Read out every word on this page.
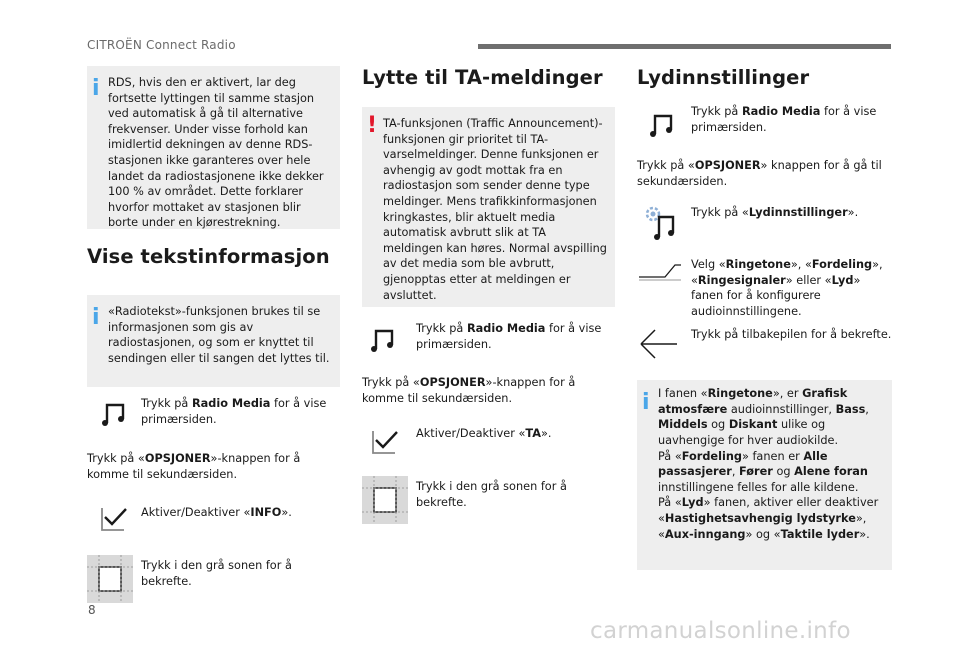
CITROËN Connect Radio
i RDS, hvis den er aktivert, lar deg fortsette lyttingen til samme stasjon ved automatisk å gå til alternative frekvenser. Under visse forhold kan imidlertid dekningen av denne RDS-stasjonen ikke garanteres over hele landet da radiostasjonene ikke dekker 100 % av området. Dette forklarer hvorfor mottaket av stasjonen blir borte under en kjørestrekning.
Vise tekstinformasjon
i «Radiotekst»-funksjonen brukes til se informasjonen som gis av radiostasjonen, og som er knyttet til sendingen eller til sangen det lyttes til.
Trykk på Radio Media for å vise primærsiden.
Trykk på «OPSJONER»-knappen for å komme til sekundærsiden.
Aktiver/Deaktiver «INFO».
Trykk i den grå sonen for å bekrefte.
Lytte til TA-meldinger
! TA-funksjonen (Traffic Announcement)-funksjonen gir prioritet til TA-varselmeldinger. Denne funksjonen er avhengig av godt mottak fra en radiostasjon som sender denne type meldinger. Mens trafikkinformasjonen kringkastes, blir aktuelt media automatisk avbrutt slik at TA meldingen kan høres. Normal avspilling av det media som ble avbrutt, gjenopptas etter at meldingen er avsluttet.
Trykk på Radio Media for å vise primærsiden.
Trykk på «OPSJONER»-knappen for å komme til sekundærsiden.
Aktiver/Deaktiver «TA».
Trykk i den grå sonen for å bekrefte.
Lydinnstillinger
Trykk på Radio Media for å vise primærsiden.
Trykk på «OPSJONER» knappen for å gå til sekundærsiden.
Trykk på «Lydinnstillinger».
Velg «Ringetone», «Fordeling», «Ringesignaler» eller «Lyd» fanen for å konfigurere audioinnstillingene.
Trykk på tilbakepilen for å bekrefte.
i I fanen «Ringetone», er Grafisk atmosfære audioinnstillinger, Bass, Middels og Diskant ulike og uavhengige for hver audiokilde.
På «Fordeling» fanen er Alle passasjerer, Fører og Alene foran innstillingene felles for alle kildene.
På «Lyd» fanen, aktiver eller deaktiver «Hastighetsavhengig lydstyrke», «Aux-inngang» og «Taktile lyder».
8
carmanualsonline.info
